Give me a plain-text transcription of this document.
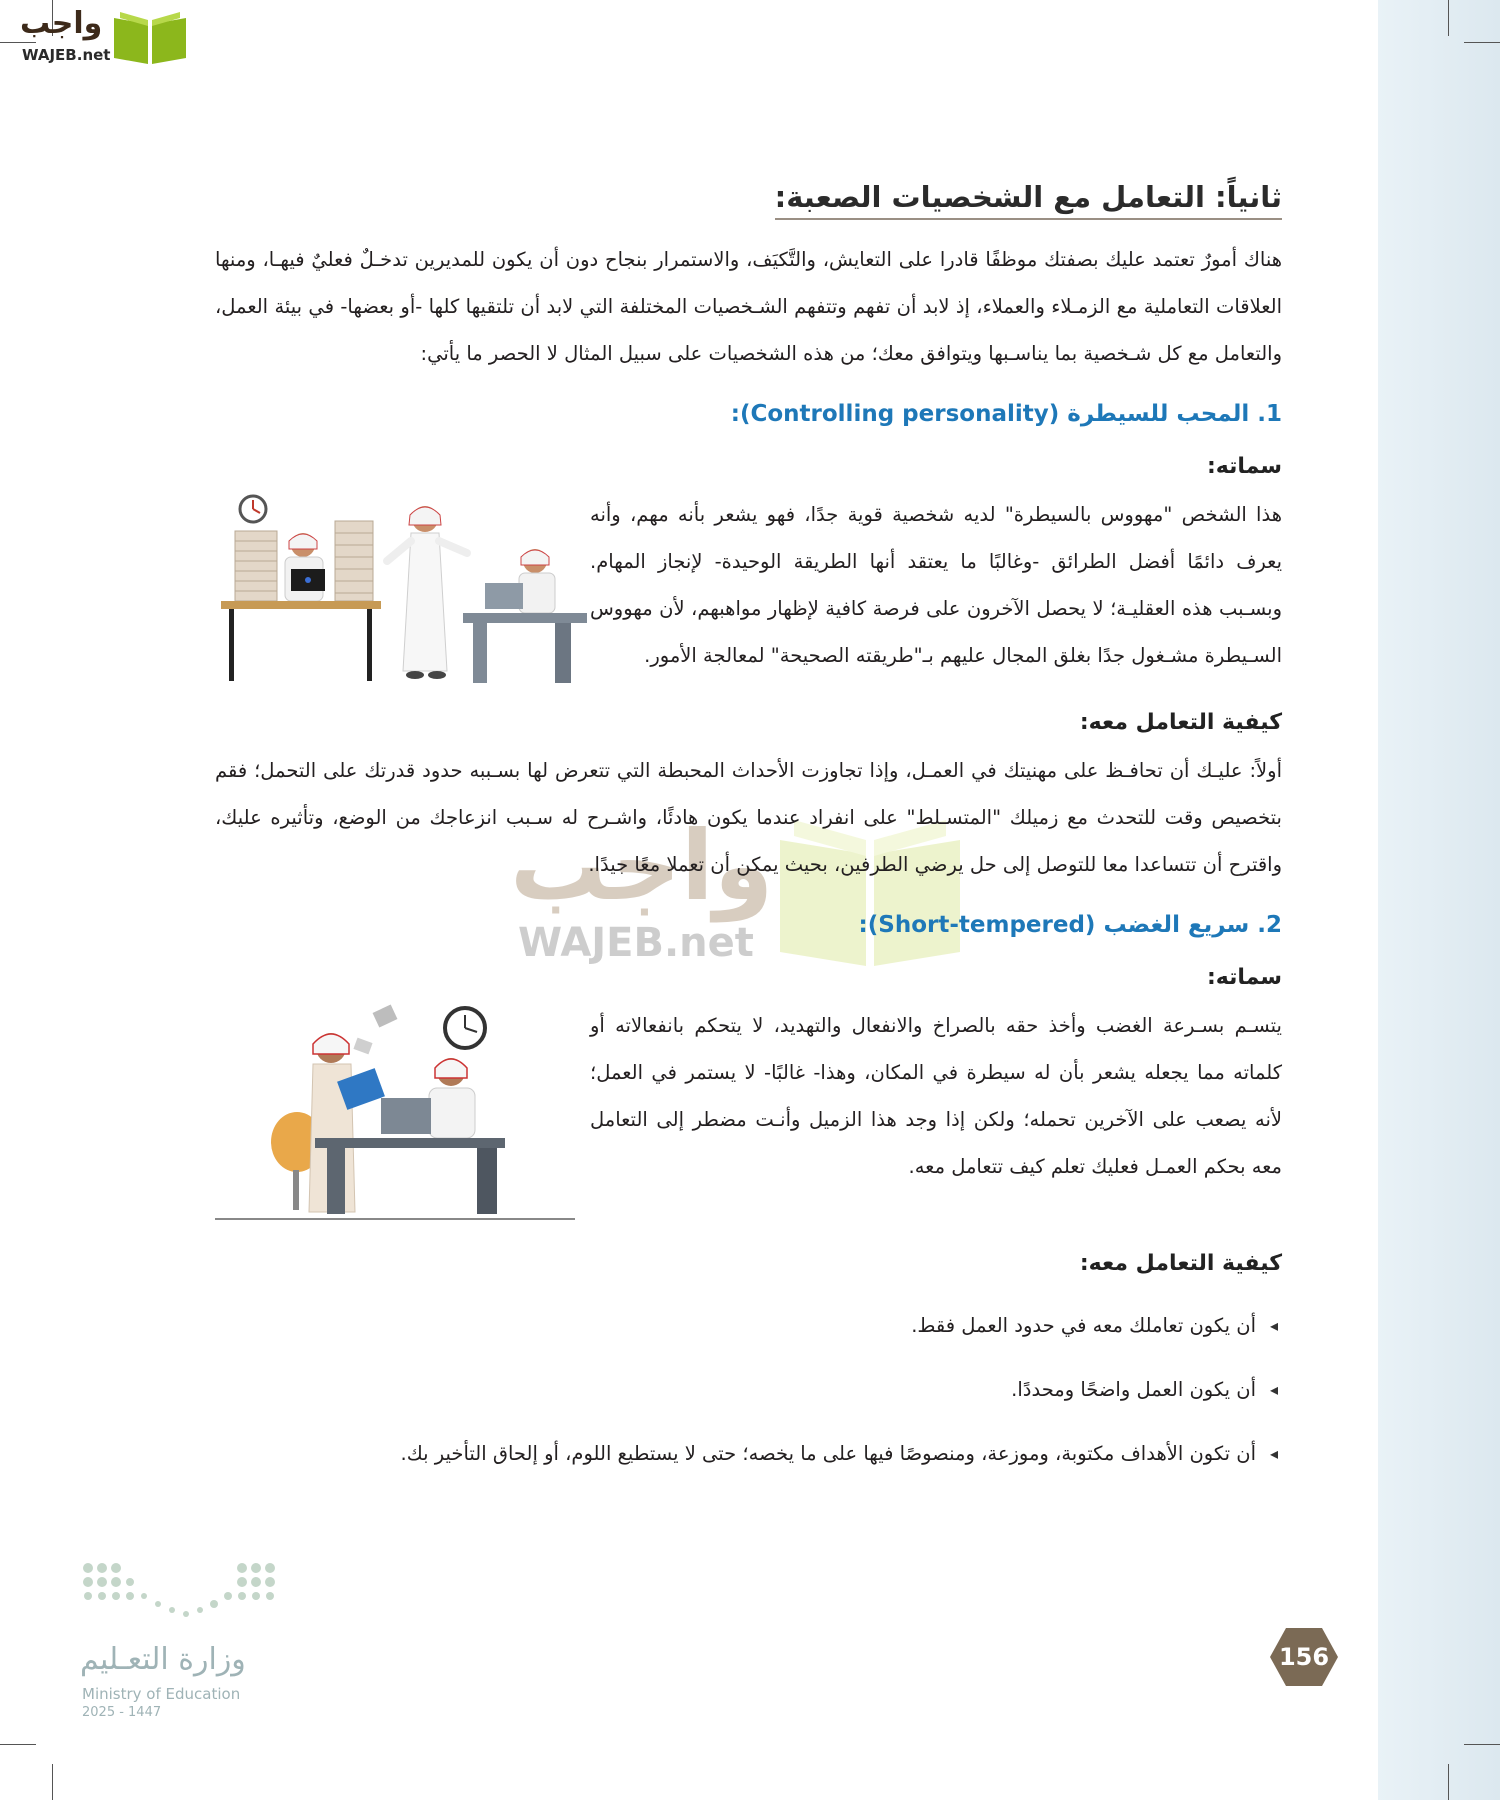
واجب
WAJEB.net
واجب
WAJEB.net
ثانياً: التعامل مع الشخصيات الصعبة:

هناك أمورٌ تعتمد عليك بصفتك موظفًا قادرا على التعايش، والتَّكيَف، والاستمرار بنجاح دون أن يكون للمديرين تدخـلٌ فعليٌ فيهـا، ومنها العلاقات التعاملية مع الزمـلاء والعملاء، إذ لابد أن تفهم وتتفهم الشـخصيات المختلفة التي لابد أن تلتقيها كلها -أو بعضها- في بيئة العمل، والتعامل مع كل شـخصية بما يناسـبها ويتوافق معك؛ من هذه الشخصيات على سبيل المثال لا الحصر ما يأتي:

1. المحب للسيطرة (Controlling personality):
سماته:

هذا الشخص "مهووس بالسيطرة" لديه شخصية قوية جدًا، فهو يشعر بأنه مهم، وأنه يعرف دائمًا أفضل الطرائق -وغالبًا ما يعتقد أنها الطريقة الوحيدة- لإنجاز المهام. وبسـبب هذه العقليـة؛ لا يحصل الآخرون على فرصة كافية لإظهار مواهبهم، لأن مهووس السـيطرة مشـغول جدًا بغلق المجال عليهم بـ"طريقته الصحيحة" لمعالجة الأمور.

كيفية التعامل معه:

أولاً: عليـك أن تحافـظ على مهنيتك في العمـل، وإذا تجاوزت الأحداث المحبطة التي تتعرض لها بسـببه حدود قدرتك على التحمل؛ فقم بتخصيص وقت للتحدث مع زميلك "المتسـلط" على انفراد عندما يكون هادئًا، واشـرح له سـبب انزعاجك من الوضع، وتأثيره عليك، واقترح أن تتساعدا معا للتوصل إلى حل يرضي الطرفين، بحيث يمكن أن تعملا معًا جيدًا.

2. سريع الغضب (Short-tempered):
سماته:

يتسـم بسـرعة الغضب وأخذ حقه بالصراخ والانفعال والتهديد، لا يتحكم بانفعالاته أو كلماته مما يجعله يشعر بأن له سيطرة في المكان، وهذا- غالبًا- لا يستمر في العمل؛ لأنه يصعب على الآخرين تحمله؛ ولكن إذا وجد هذا الزميل وأنـت مضطر إلى التعامل معه بحكم العمـل فعليك تعلم كيف تتعامل معه.

كيفية التعامل معه:
◂ أن يكون تعاملك معه في حدود العمل فقط.
◂ أن يكون العمل واضحًا ومحددًا.
◂ أن تكون الأهداف مكتوبة، وموزعة، ومنصوصًا فيها على ما يخصه؛ حتى لا يستطيع اللوم، أو إلحاق التأخير بك.
وزارة التعـليم
Ministry of Education
2025 - 1447
156
